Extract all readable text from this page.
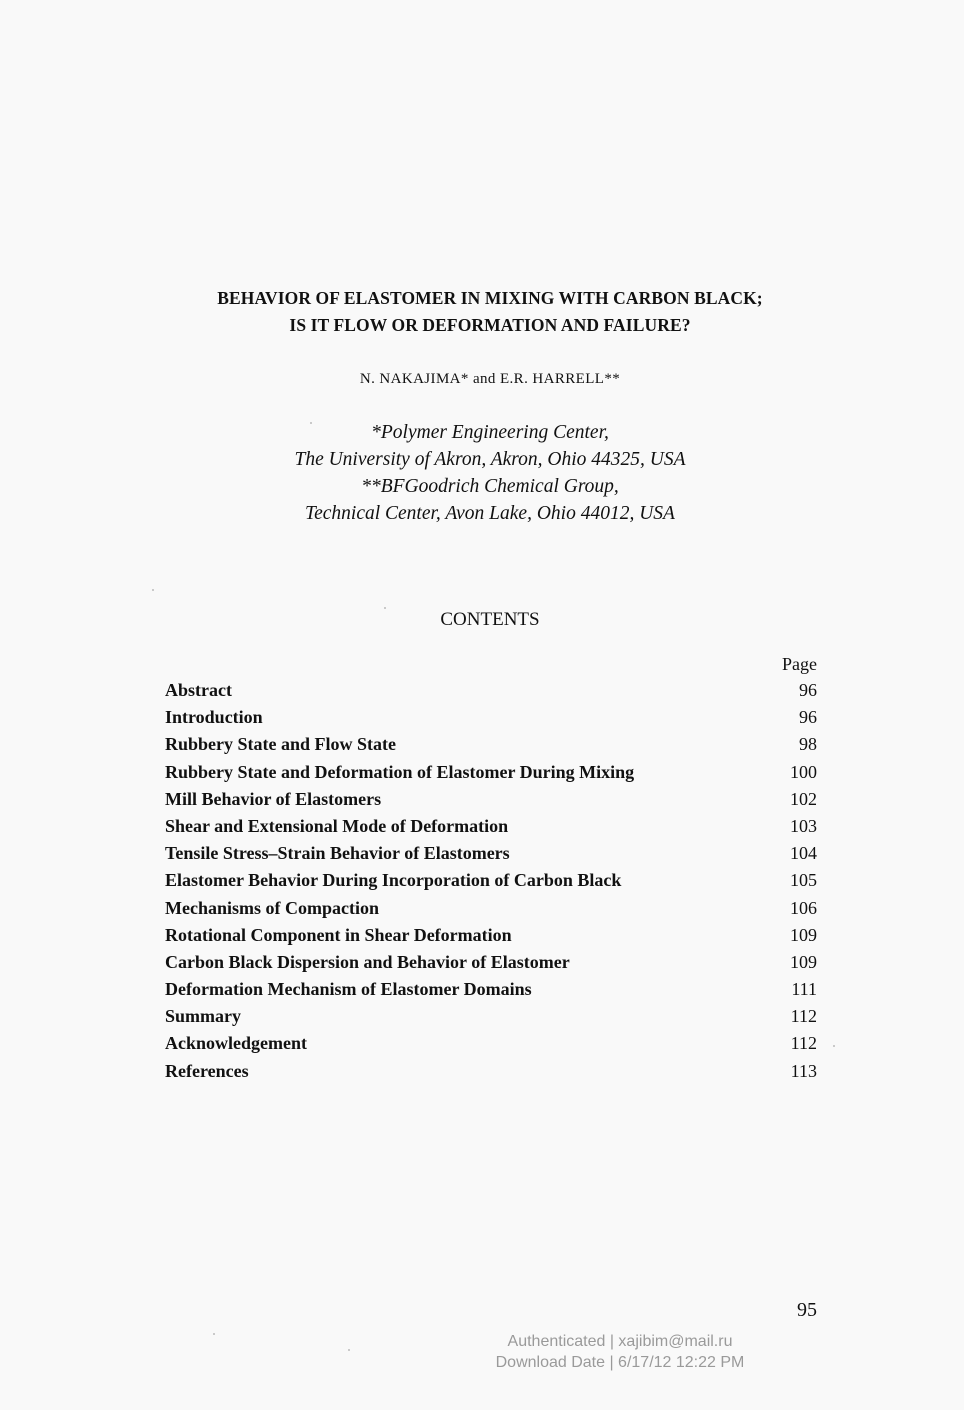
BEHAVIOR OF ELASTOMER IN MIXING WITH CARBON BLACK;
IS IT FLOW OR DEFORMATION AND FAILURE?
N. NAKAJIMA* and E.R. HARRELL**
*Polymer Engineering Center,
The University of Akron, Akron, Ohio 44325, USA
**BFGoodrich Chemical Group,
Technical Center, Avon Lake, Ohio 44012, USA
CONTENTS
Page
Abstract	96
Introduction	96
Rubbery State and Flow State	98
Rubbery State and Deformation of Elastomer During Mixing	100
Mill Behavior of Elastomers	102
Shear and Extensional Mode of Deformation	103
Tensile Stress–Strain Behavior of Elastomers	104
Elastomer Behavior During Incorporation of Carbon Black	105
Mechanisms of Compaction	106
Rotational Component in Shear Deformation	109
Carbon Black Dispersion and Behavior of Elastomer	109
Deformation Mechanism of Elastomer Domains	111
Summary	112
Acknowledgement	112
References	113
95
Authenticated | xajibim@mail.ru
Download Date | 6/17/12 12:22 PM
